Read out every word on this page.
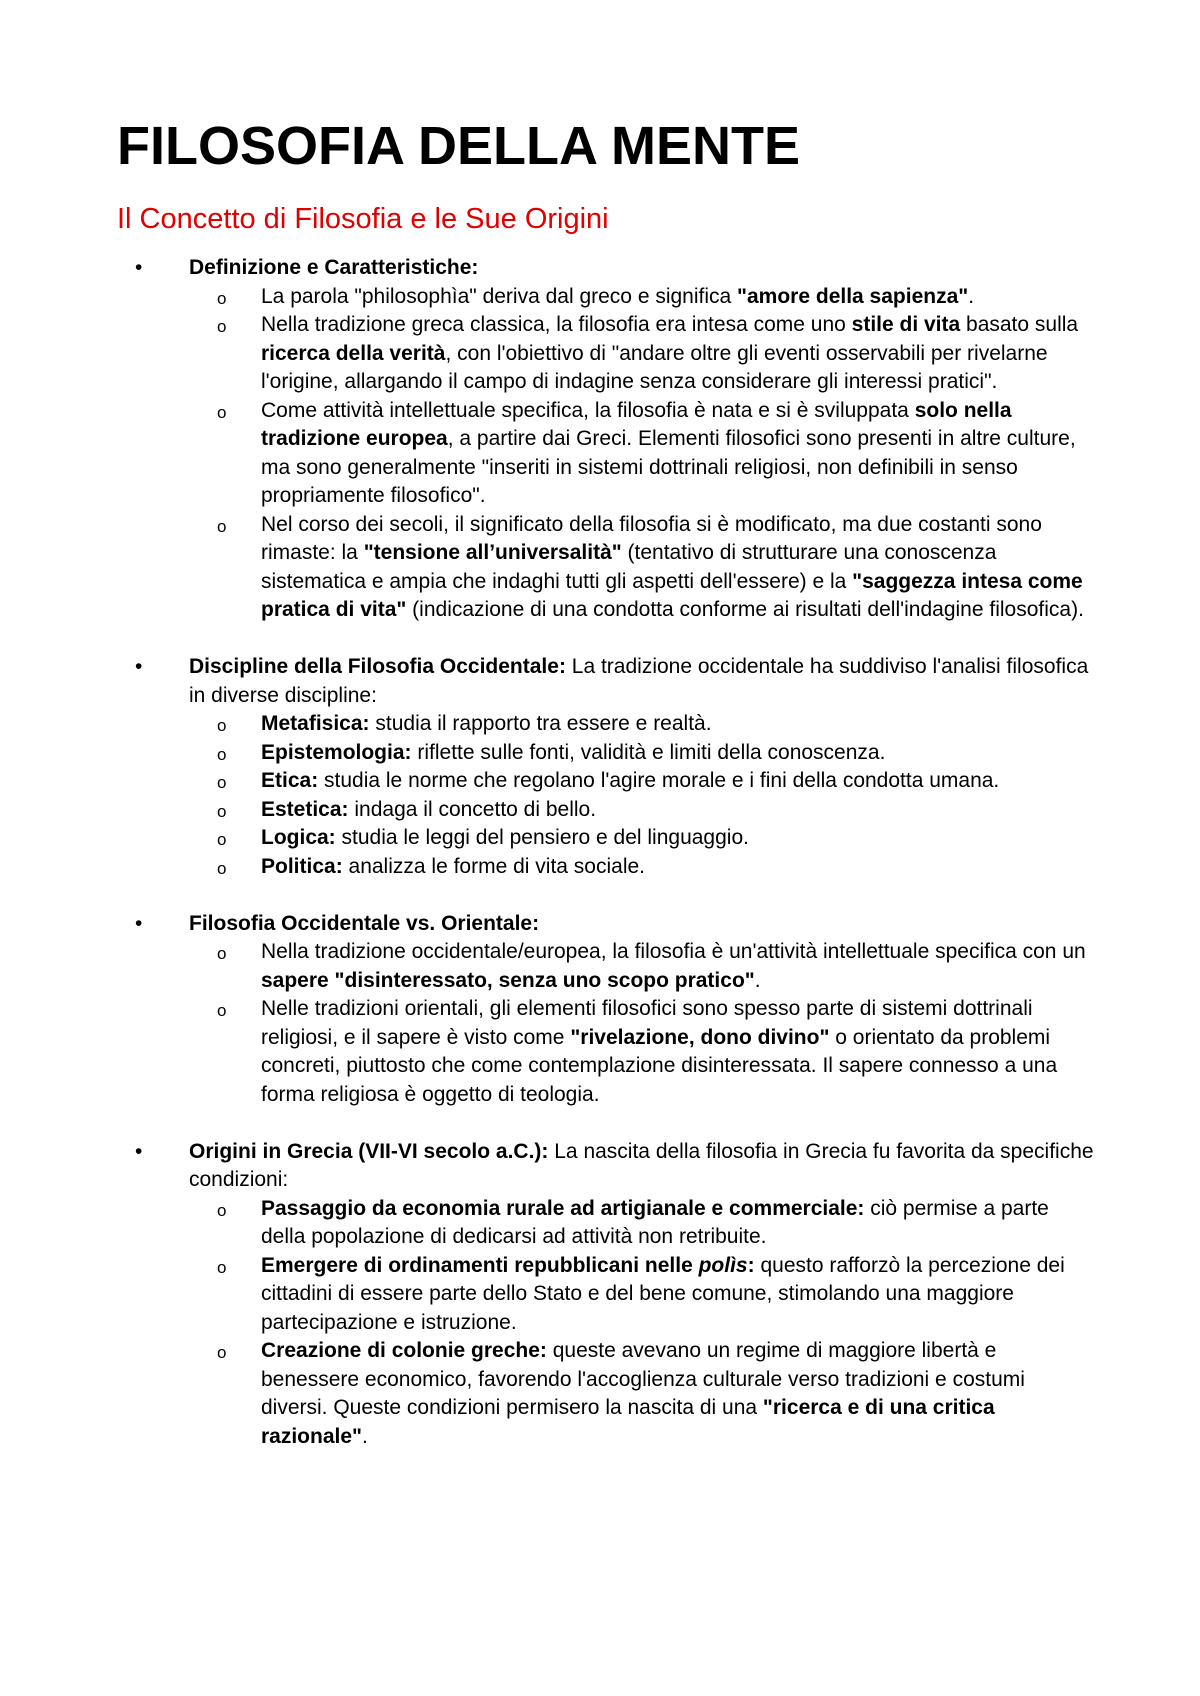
FILOSOFIA DELLA MENTE
Il Concetto di Filosofia e le Sue Origini
• Definizione e Caratteristiche:
o La parola "philosophìa" deriva dal greco e significa "amore della sapienza".
o Nella tradizione greca classica, la filosofia era intesa come uno stile di vita basato sulla ricerca della verità, con l'obiettivo di "andare oltre gli eventi osservabili per rivelarne l'origine, allargando il campo di indagine senza considerare gli interessi pratici".
o Come attività intellettuale specifica, la filosofia è nata e si è sviluppata solo nella tradizione europea, a partire dai Greci. Elementi filosofici sono presenti in altre culture, ma sono generalmente "inseriti in sistemi dottrinali religiosi, non definibili in senso propriamente filosofico".
o Nel corso dei secoli, il significato della filosofia si è modificato, ma due costanti sono rimaste: la "tensione all’universalità" (tentativo di strutturare una conoscenza sistematica e ampia che indaghi tutti gli aspetti dell'essere) e la "saggezza intesa come pratica di vita" (indicazione di una condotta conforme ai risultati dell'indagine filosofica).
• Discipline della Filosofia Occidentale: La tradizione occidentale ha suddiviso l'analisi filosofica in diverse discipline:
o Metafisica: studia il rapporto tra essere e realtà.
o Epistemologia: riflette sulle fonti, validità e limiti della conoscenza.
o Etica: studia le norme che regolano l'agire morale e i fini della condotta umana.
o Estetica: indaga il concetto di bello.
o Logica: studia le leggi del pensiero e del linguaggio.
o Politica: analizza le forme di vita sociale.
• Filosofia Occidentale vs. Orientale:
o Nella tradizione occidentale/europea, la filosofia è un'attività intellettuale specifica con un sapere "disinteressato, senza uno scopo pratico".
o Nelle tradizioni orientali, gli elementi filosofici sono spesso parte di sistemi dottrinali religiosi, e il sapere è visto come "rivelazione, dono divino" o orientato da problemi concreti, piuttosto che come contemplazione disinteressata. Il sapere connesso a una forma religiosa è oggetto di teologia.
• Origini in Grecia (VII-VI secolo a.C.): La nascita della filosofia in Grecia fu favorita da specifiche condizioni:
o Passaggio da economia rurale ad artigianale e commerciale: ciò permise a parte della popolazione di dedicarsi ad attività non retribuite.
o Emergere di ordinamenti repubblicani nelle polìs: questo rafforzò la percezione dei cittadini di essere parte dello Stato e del bene comune, stimolando una maggiore partecipazione e istruzione.
o Creazione di colonie greche: queste avevano un regime di maggiore libertà e benessere economico, favorendo l'accoglienza culturale verso tradizioni e costumi diversi. Queste condizioni permisero la nascita di una "ricerca e di una critica razionale".
